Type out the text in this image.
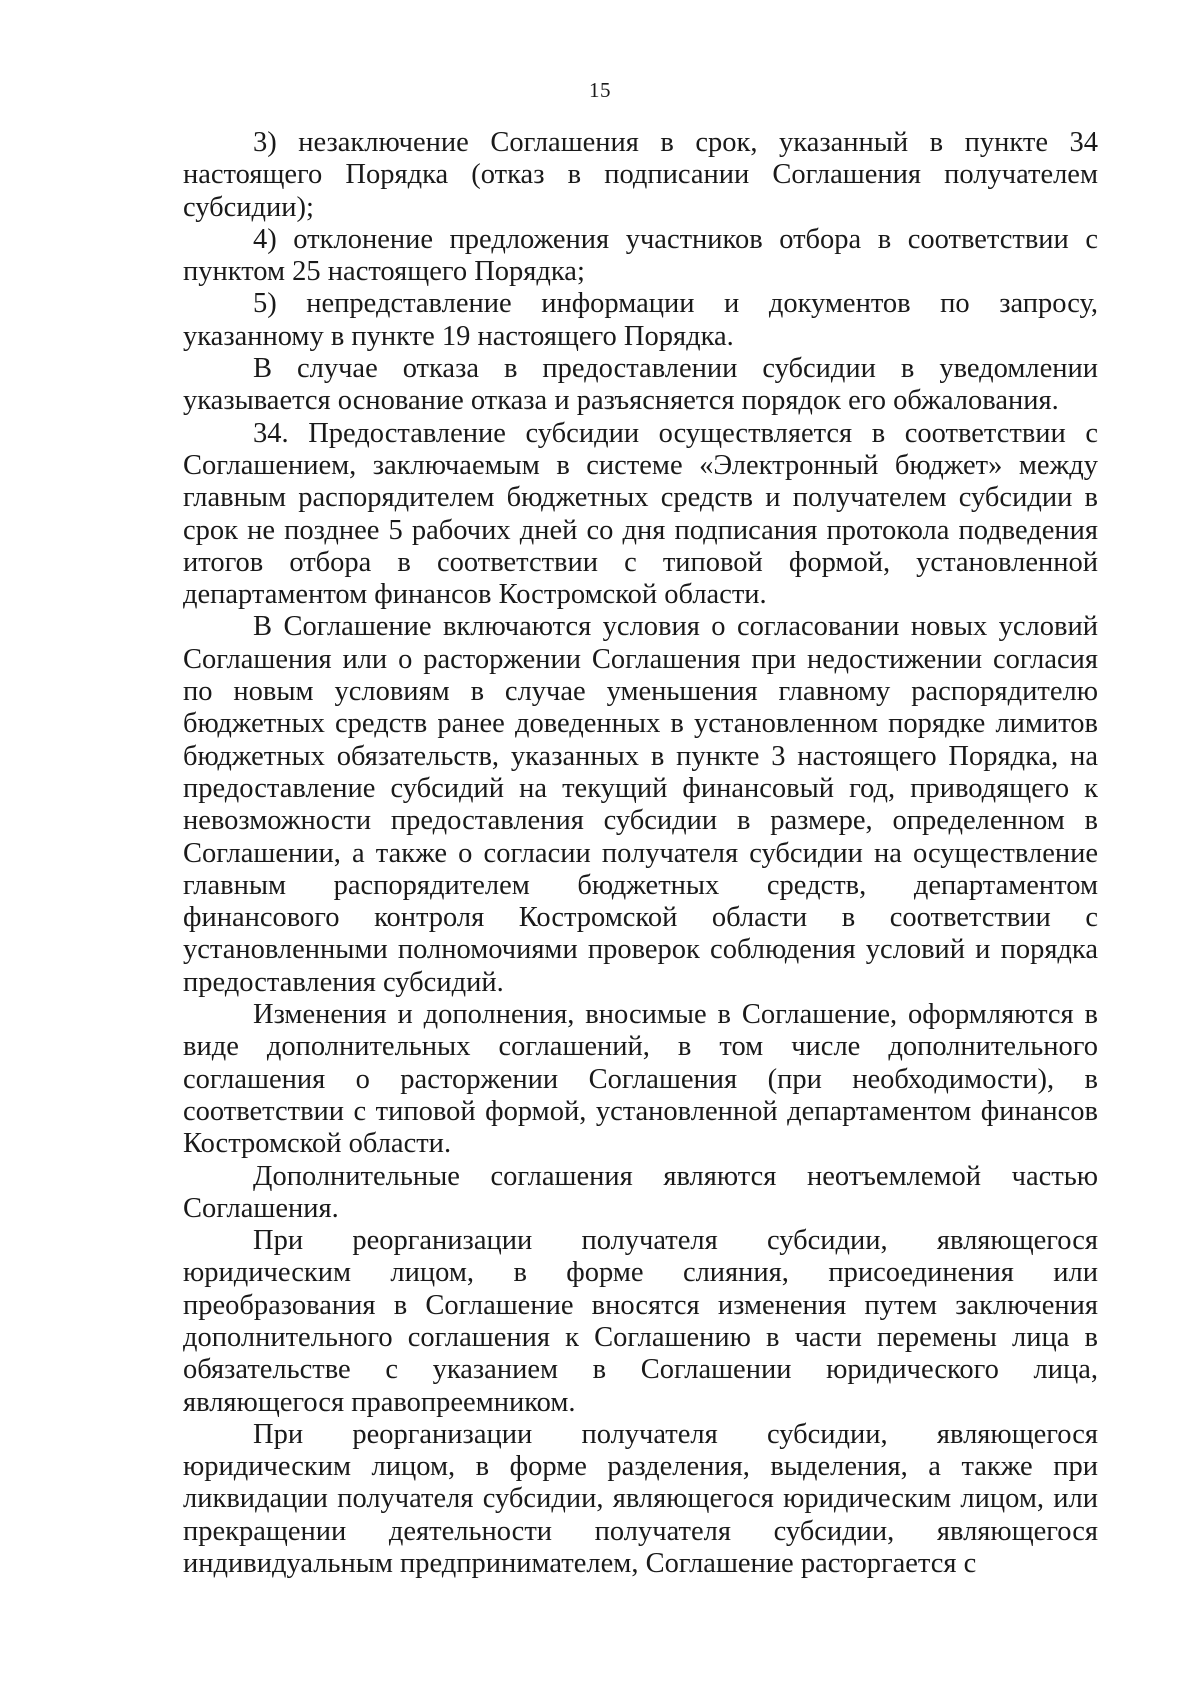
15

3) незаключение Соглашения в срок, указанный в пункте 34 настоящего Порядка (отказ в подписании Соглашения получателем субсидии);

4) отклонение предложения участников отбора в соответствии с пунктом 25 настоящего Порядка;

5) непредставление информации и документов по запросу, указанному в пункте 19 настоящего Порядка.

В случае отказа в предоставлении субсидии в уведомлении указывается основание отказа и разъясняется порядок его обжалования.

34. Предоставление субсидии осуществляется в соответствии с Соглашением, заключаемым в системе «Электронный бюджет» между главным распорядителем бюджетных средств и получателем субсидии в срок не позднее 5 рабочих дней со дня подписания протокола подведения итогов отбора в соответствии с типовой формой, установленной департаментом финансов Костромской области.

В Соглашение включаются условия о согласовании новых условий Соглашения или о расторжении Соглашения при недостижении согласия по новым условиям в случае уменьшения главному распорядителю бюджетных средств ранее доведенных в установленном порядке лимитов бюджетных обязательств, указанных в пункте 3 настоящего Порядка, на предоставление субсидий на текущий финансовый год, приводящего к невозможности предоставления субсидии в размере, определенном в Соглашении, а также о согласии получателя субсидии на осуществление главным распорядителем бюджетных средств, департаментом финансового контроля Костромской области в соответствии с установленными полномочиями проверок соблюдения условий и порядка предоставления субсидий.

Изменения и дополнения, вносимые в Соглашение, оформляются в виде дополнительных соглашений, в том числе дополнительного соглашения о расторжении Соглашения (при необходимости), в соответствии с типовой формой, установленной департаментом финансов Костромской области.

Дополнительные соглашения являются неотъемлемой частью Соглашения.

При реорганизации получателя субсидии, являющегося юридическим лицом, в форме слияния, присоединения или преобразования в Соглашение вносятся изменения путем заключения дополнительного соглашения к Соглашению в части перемены лица в обязательстве с указанием в Соглашении юридического лица, являющегося правопреемником.

При реорганизации получателя субсидии, являющегося юридическим лицом, в форме разделения, выделения, а также при ликвидации получателя субсидии, являющегося юридическим лицом, или прекращении деятельности получателя субсидии, являющегося индивидуальным предпринимателем, Соглашение расторгается с
